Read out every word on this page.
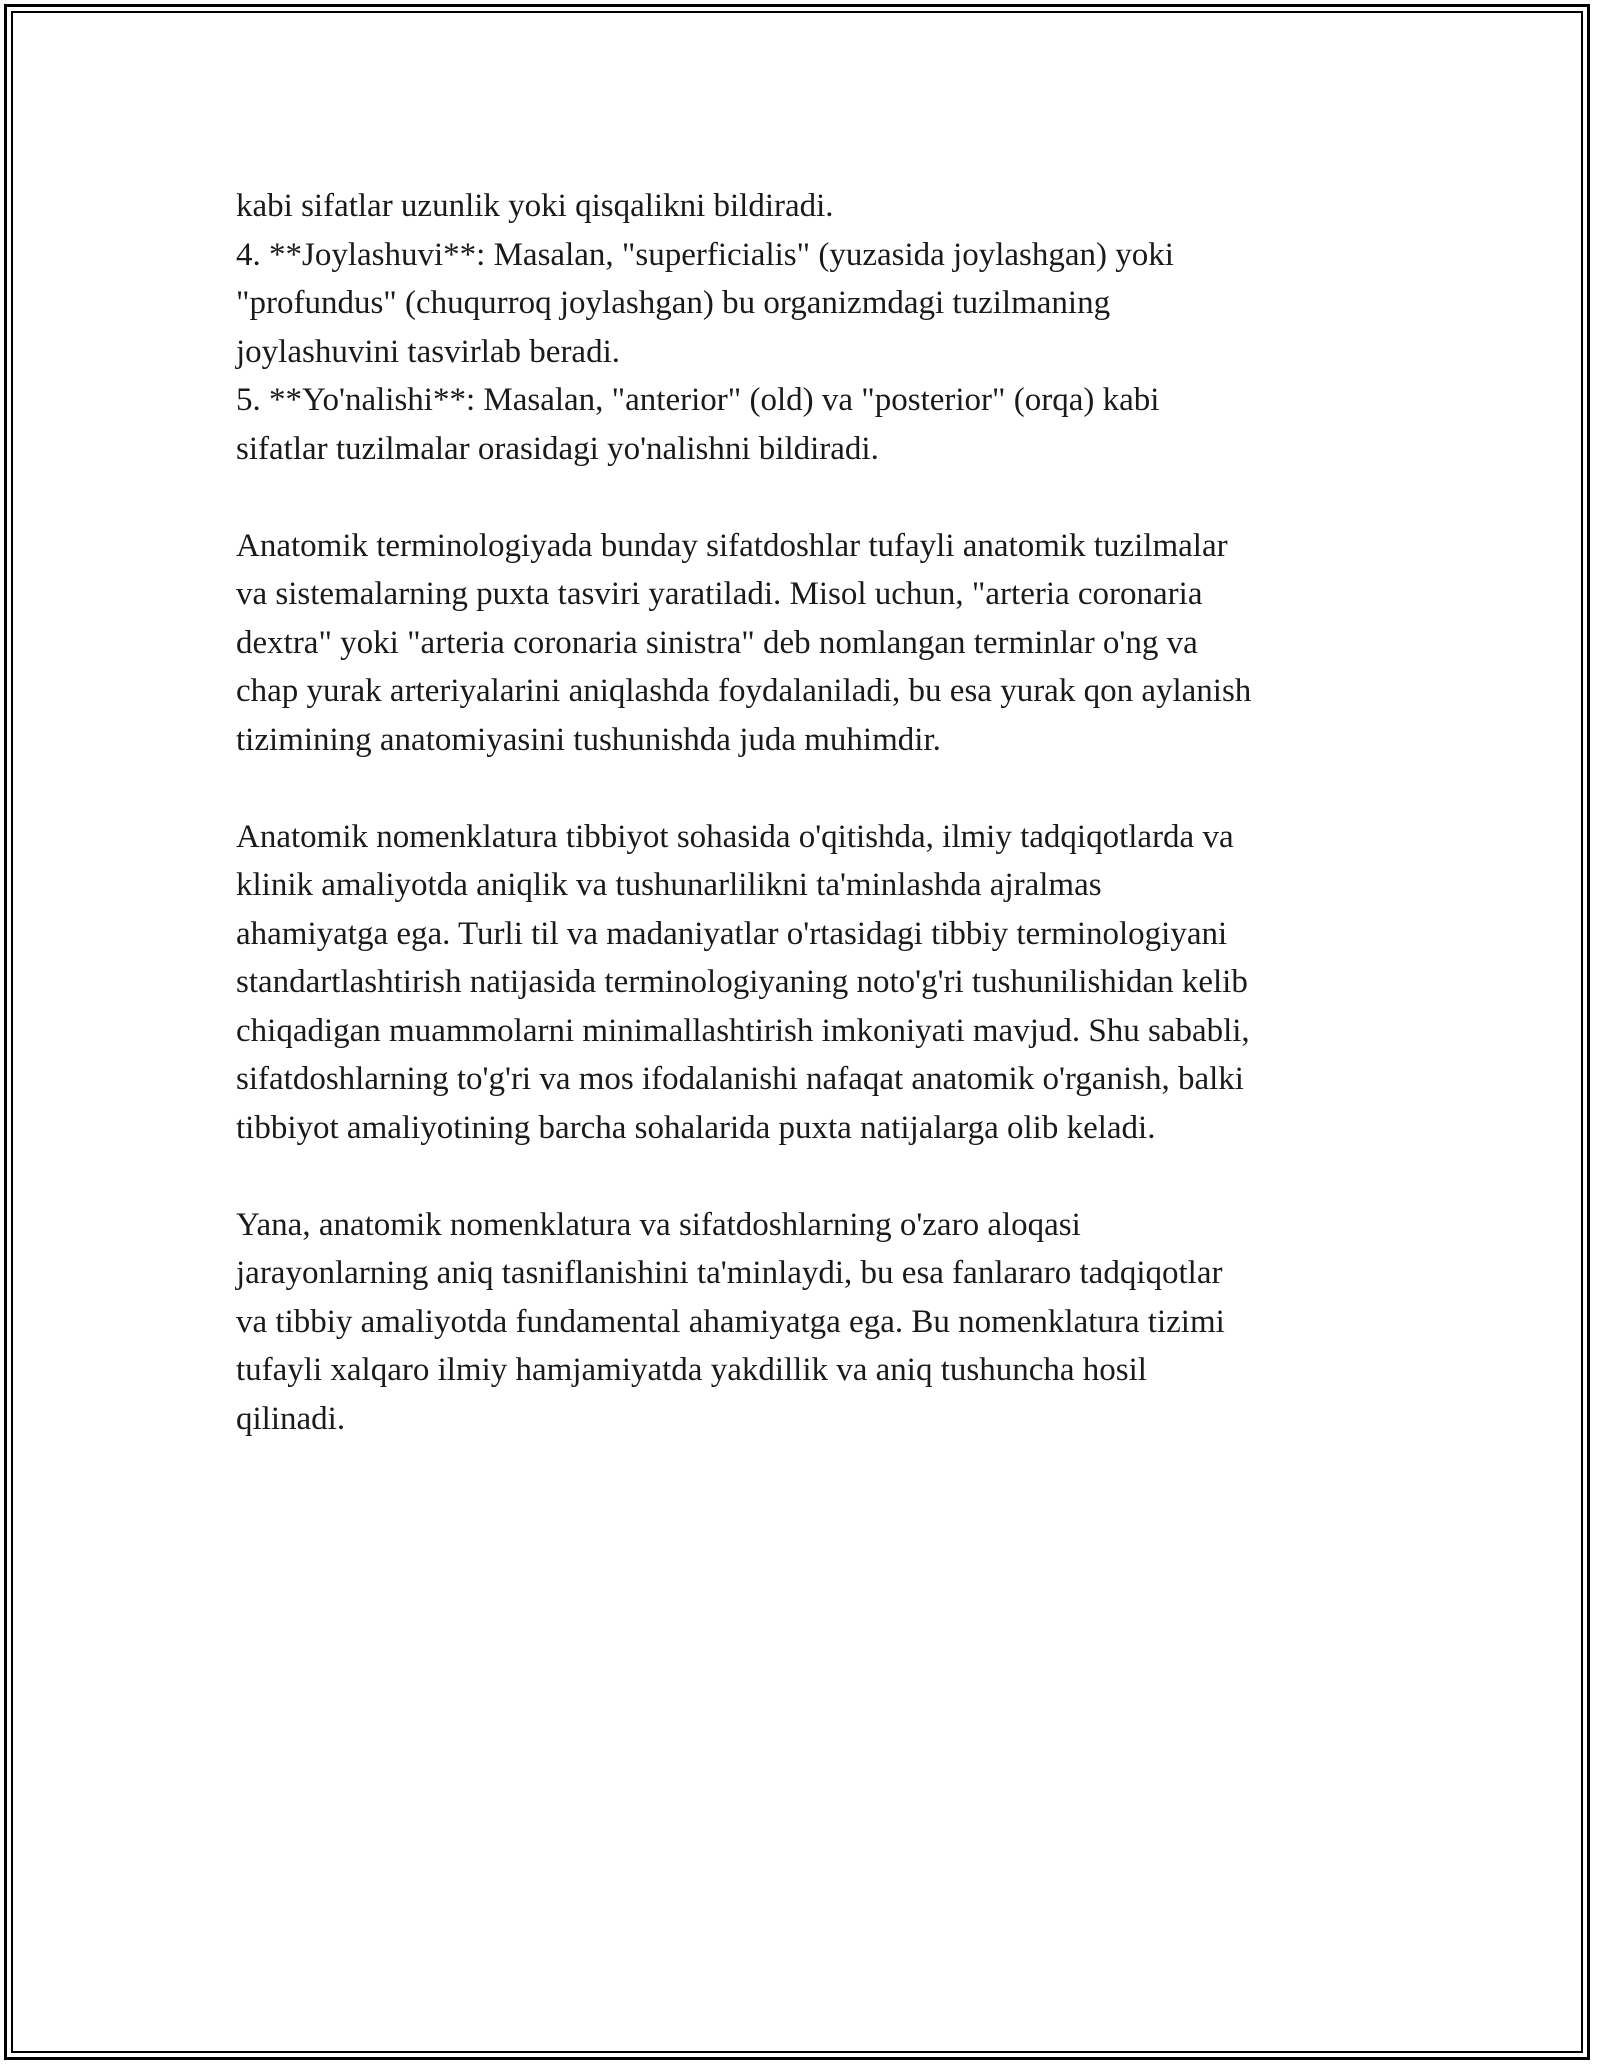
kabi sifatlar uzunlik yoki qisqalikni bildiradi.
4. **Joylashuvi**: Masalan, "superficialis" (yuzasida joylashgan) yoki
"profundus" (chuqurroq joylashgan) bu organizmdagi tuzilmaning
joylashuvini tasvirlab beradi.
5. **Yo'nalishi**: Masalan, "anterior" (old) va "posterior" (orqa) kabi
sifatlar tuzilmalar orasidagi yo'nalishni bildiradi.
Anatomik terminologiyada bunday sifatdoshlar tufayli anatomik tuzilmalar
va sistemalarning puxta tasviri yaratiladi. Misol uchun, "arteria coronaria
dextra" yoki "arteria coronaria sinistra" deb nomlangan terminlar o'ng va
chap yurak arteriyalarini aniqlashda foydalaniladi, bu esa yurak qon aylanish
tizimining anatomiyasini tushunishda juda muhimdir.
Anatomik nomenklatura tibbiyot sohasida o'qitishda, ilmiy tadqiqotlarda va
klinik amaliyotda aniqlik va tushunarlilikni ta'minlashda ajralmas
ahamiyatga ega. Turli til va madaniyatlar o'rtasidagi tibbiy terminologiyani
standartlashtirish natijasida terminologiyaning noto'g'ri tushunilishidan kelib
chiqadigan muammolarni minimallashtirish imkoniyati mavjud. Shu sababli,
sifatdoshlarning to'g'ri va mos ifodalanishi nafaqat anatomik o'rganish, balki
tibbiyot amaliyotining barcha sohalarida puxta natijalarga olib keladi.
Yana, anatomik nomenklatura va sifatdoshlarning o'zaro aloqasi
jarayonlarning aniq tasniflanishini ta'minlaydi, bu esa fanlararo tadqiqotlar
va tibbiy amaliyotda fundamental ahamiyatga ega. Bu nomenklatura tizimi
tufayli xalqaro ilmiy hamjamiyatda yakdillik va aniq tushuncha hosil
qilinadi.
